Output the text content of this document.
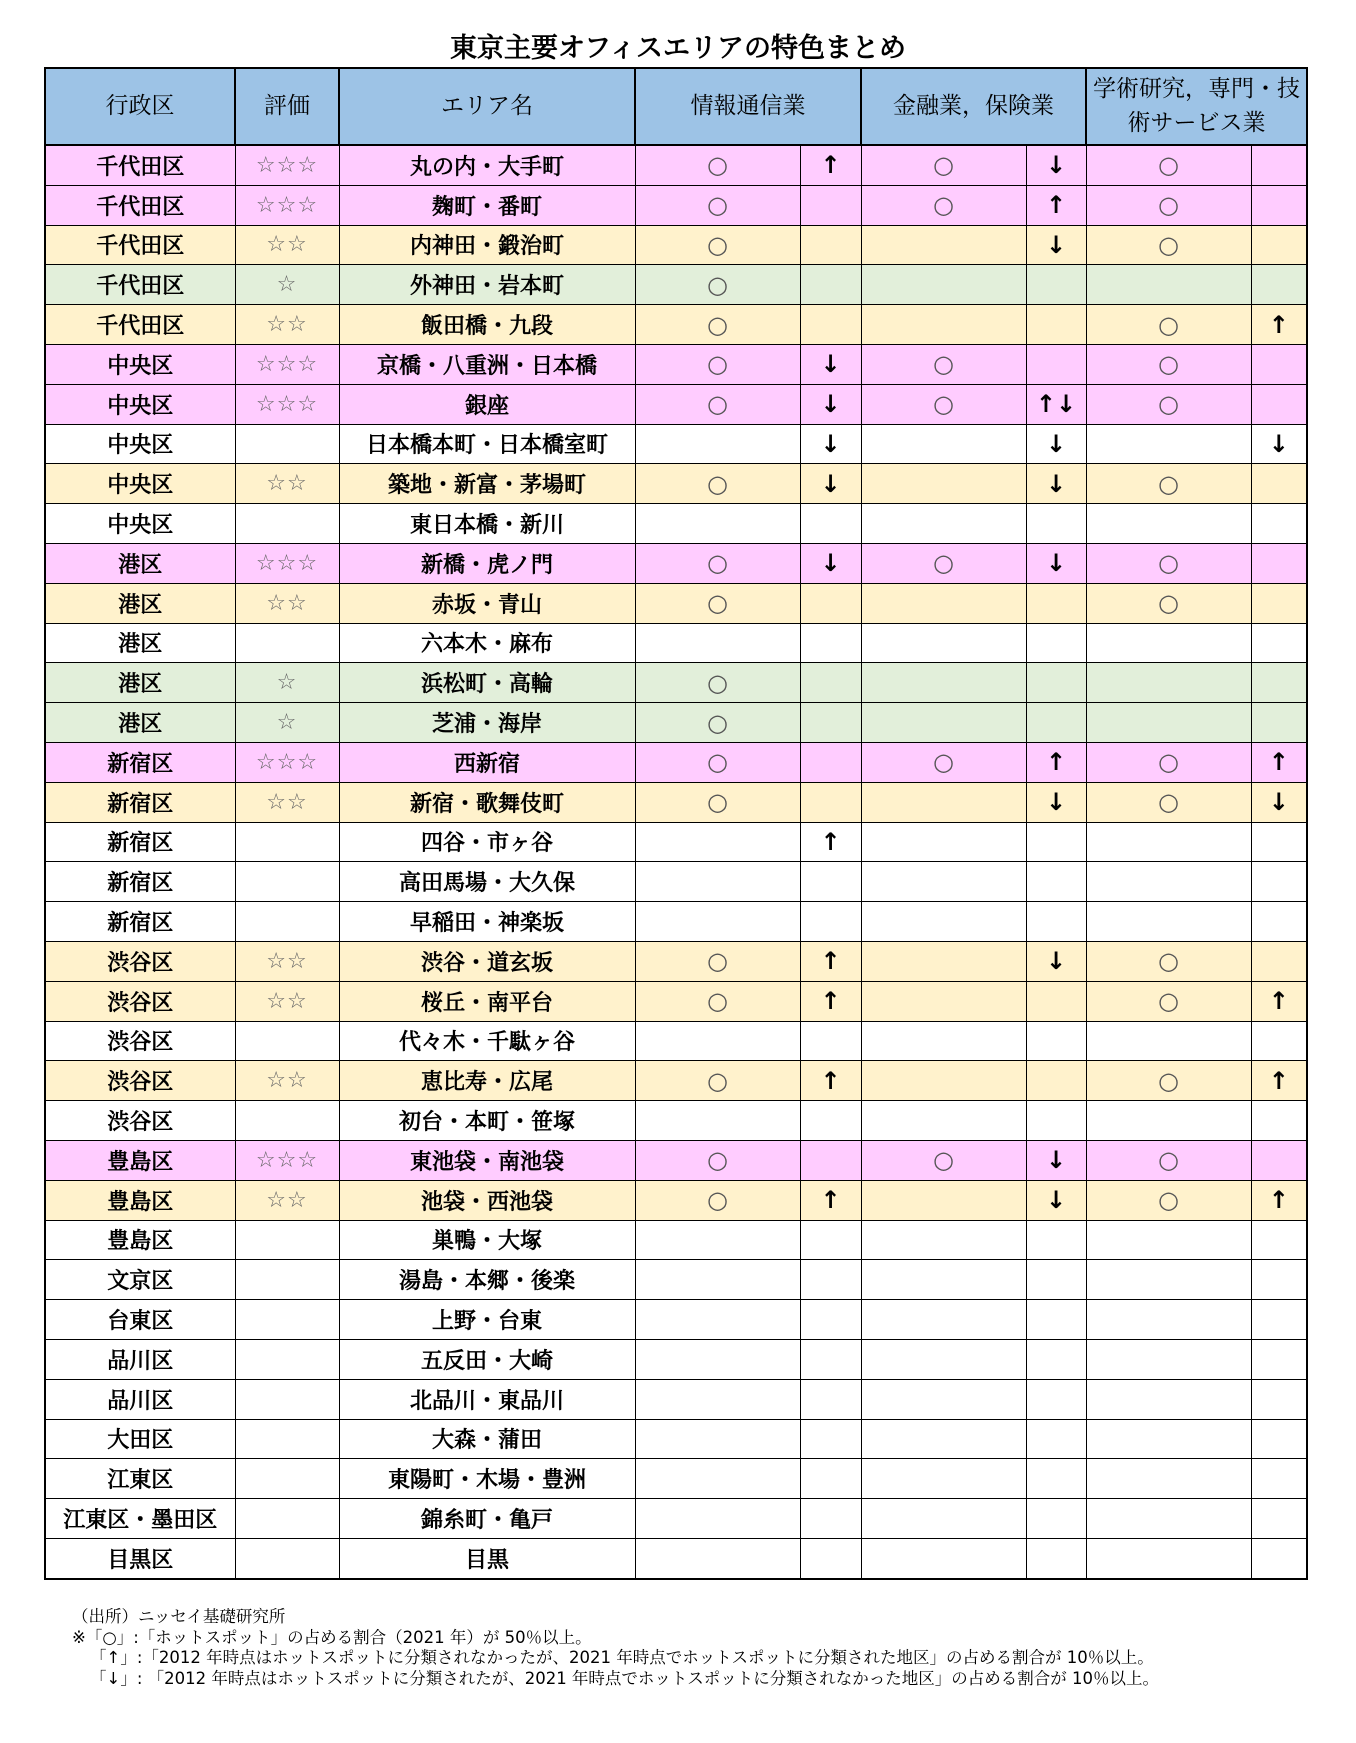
東京主要オフィスエリアの特色まとめ
行政区	評価	エリア名	情報通信業		金融業，保険業		学術研究，専門・技術サービス業	
千代田区	☆☆☆	丸の内・大手町	○	↑	○	↓	○	
千代田区	☆☆☆	麹町・番町	○		○	↑	○	
千代田区	☆☆	内神田・鍛治町	○			↓	○	
千代田区	☆	外神田・岩本町	○					
千代田区	☆☆	飯田橋・九段	○				○	↑
中央区	☆☆☆	京橋・八重洲・日本橋	○	↓	○		○	
中央区	☆☆☆	銀座	○	↓	○	↑↓	○	
中央区		日本橋本町・日本橋室町		↓		↓		↓
中央区	☆☆	築地・新富・茅場町	○	↓		↓	○	
中央区		東日本橋・新川						
港区	☆☆☆	新橋・虎ノ門	○	↓	○	↓	○	
港区	☆☆	赤坂・青山	○				○	
港区		六本木・麻布						
港区	☆	浜松町・高輪	○					
港区	☆	芝浦・海岸	○					
新宿区	☆☆☆	西新宿	○		○	↑	○	↑
新宿区	☆☆	新宿・歌舞伎町	○			↓	○	↓
新宿区		四谷・市ヶ谷		↑				
新宿区		高田馬場・大久保						
新宿区		早稲田・神楽坂						
渋谷区	☆☆	渋谷・道玄坂	○	↑		↓	○	
渋谷区	☆☆	桜丘・南平台	○	↑			○	↑
渋谷区		代々木・千駄ヶ谷						
渋谷区	☆☆	恵比寿・広尾	○	↑			○	↑
渋谷区		初台・本町・笹塚						
豊島区	☆☆☆	東池袋・南池袋	○		○	↓	○	
豊島区	☆☆	池袋・西池袋	○	↑		↓	○	↑
豊島区		巣鴨・大塚						
文京区		湯島・本郷・後楽						
台東区		上野・台東						
品川区		五反田・大崎						
品川区		北品川・東品川						
大田区		大森・蒲田						
江東区		東陽町・木場・豊洲						
江東区・墨田区		錦糸町・亀戸						
目黒区		目黒						
（出所）ニッセイ基礎研究所
※「○」:「ホットスポット」の占める割合（2021 年）が 50％以上。
「↑」:「2012 年時点はホットスポットに分類されなかったが、2021 年時点でホットスポットに分類された地区」の占める割合が 10％以上。
「↓」: 「2012 年時点はホットスポットに分類されたが、2021 年時点でホットスポットに分類されなかった地区」の占める割合が 10％以上。
